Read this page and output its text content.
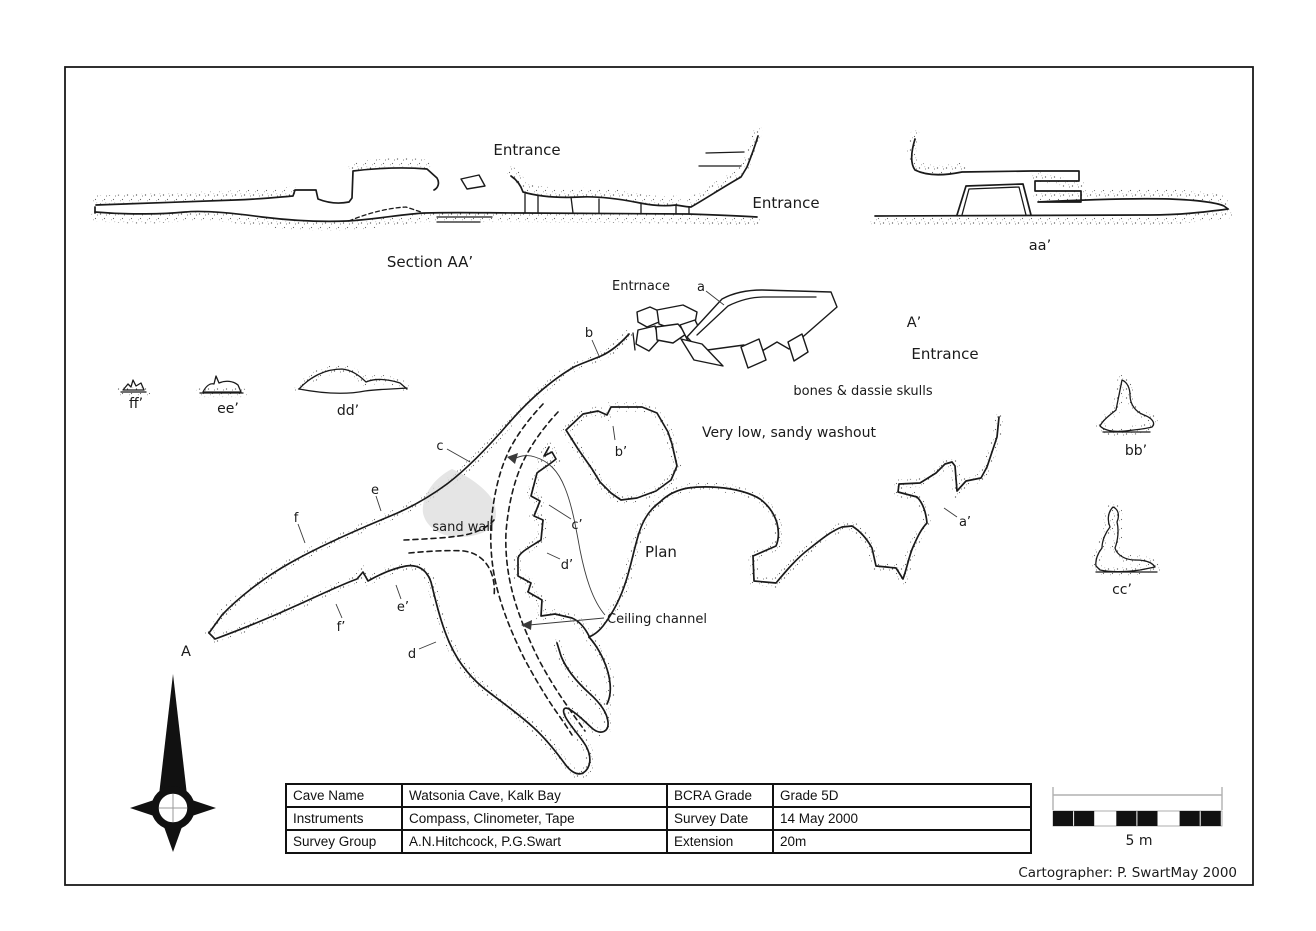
Entrance
Entrance
Section AA’
aa’
Entrnace
A’
Entrance
bones & dassie skulls
Very low, sandy washout
sand wall
Plan
Ceiling channel
A
a
b
c
d
e
f	a’
b’
c’
d’
e’
f’
ff’	ee’	dd’
bb’
cc’
5 m
Cartographer: P. SwartMay 2000
Cave Name	Watsonia Cave, Kalk Bay	BCRA Grade	Grade 5D
Instruments	Compass, Clinometer, Tape	Survey Date	14 May 2000
Survey Group	A.N.Hitchcock, P.G.Swart	Extension	20m
